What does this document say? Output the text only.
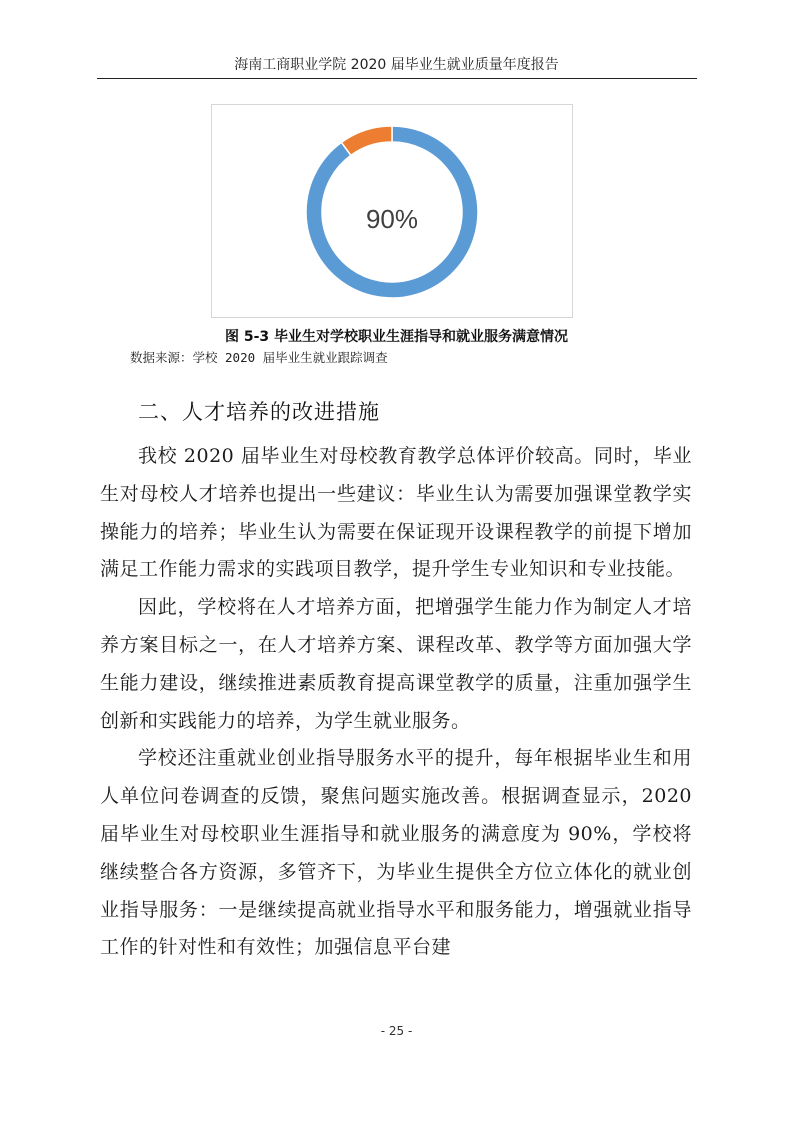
海南工商职业学院 2020 届毕业生就业质量年度报告
90%
图 5-3 毕业生对学校职业生涯指导和就业服务满意情况
数据来源：学校 2020 届毕业生就业跟踪调查
二、人才培养的改进措施

我校 2020 届毕业生对母校教育教学总体评价较高。同时，毕业生对母校人才培养也提出一些建议：毕业生认为需要加强课堂教学实操能力的培养；毕业生认为需要在保证现开设课程教学的前提下增加满足工作能力需求的实践项目教学，提升学生专业知识和专业技能。

因此，学校将在人才培养方面，把增强学生能力作为制定人才培养方案目标之一，在人才培养方案、课程改革、教学等方面加强大学生能力建设，继续推进素质教育提高课堂教学的质量，注重加强学生创新和实践能力的培养，为学生就业服务。

学校还注重就业创业指导服务水平的提升，每年根据毕业生和用人单位问卷调查的反馈，聚焦问题实施改善。根据调查显示，2020 届毕业生对母校职业生涯指导和就业服务的满意度为 90%，学校将继续整合各方资源，多管齐下，为毕业生提供全方位立体化的就业创业指导服务：一是继续提高就业指导水平和服务能力，增强就业指导工作的针对性和有效性；加强信息平台建

- 25 -
